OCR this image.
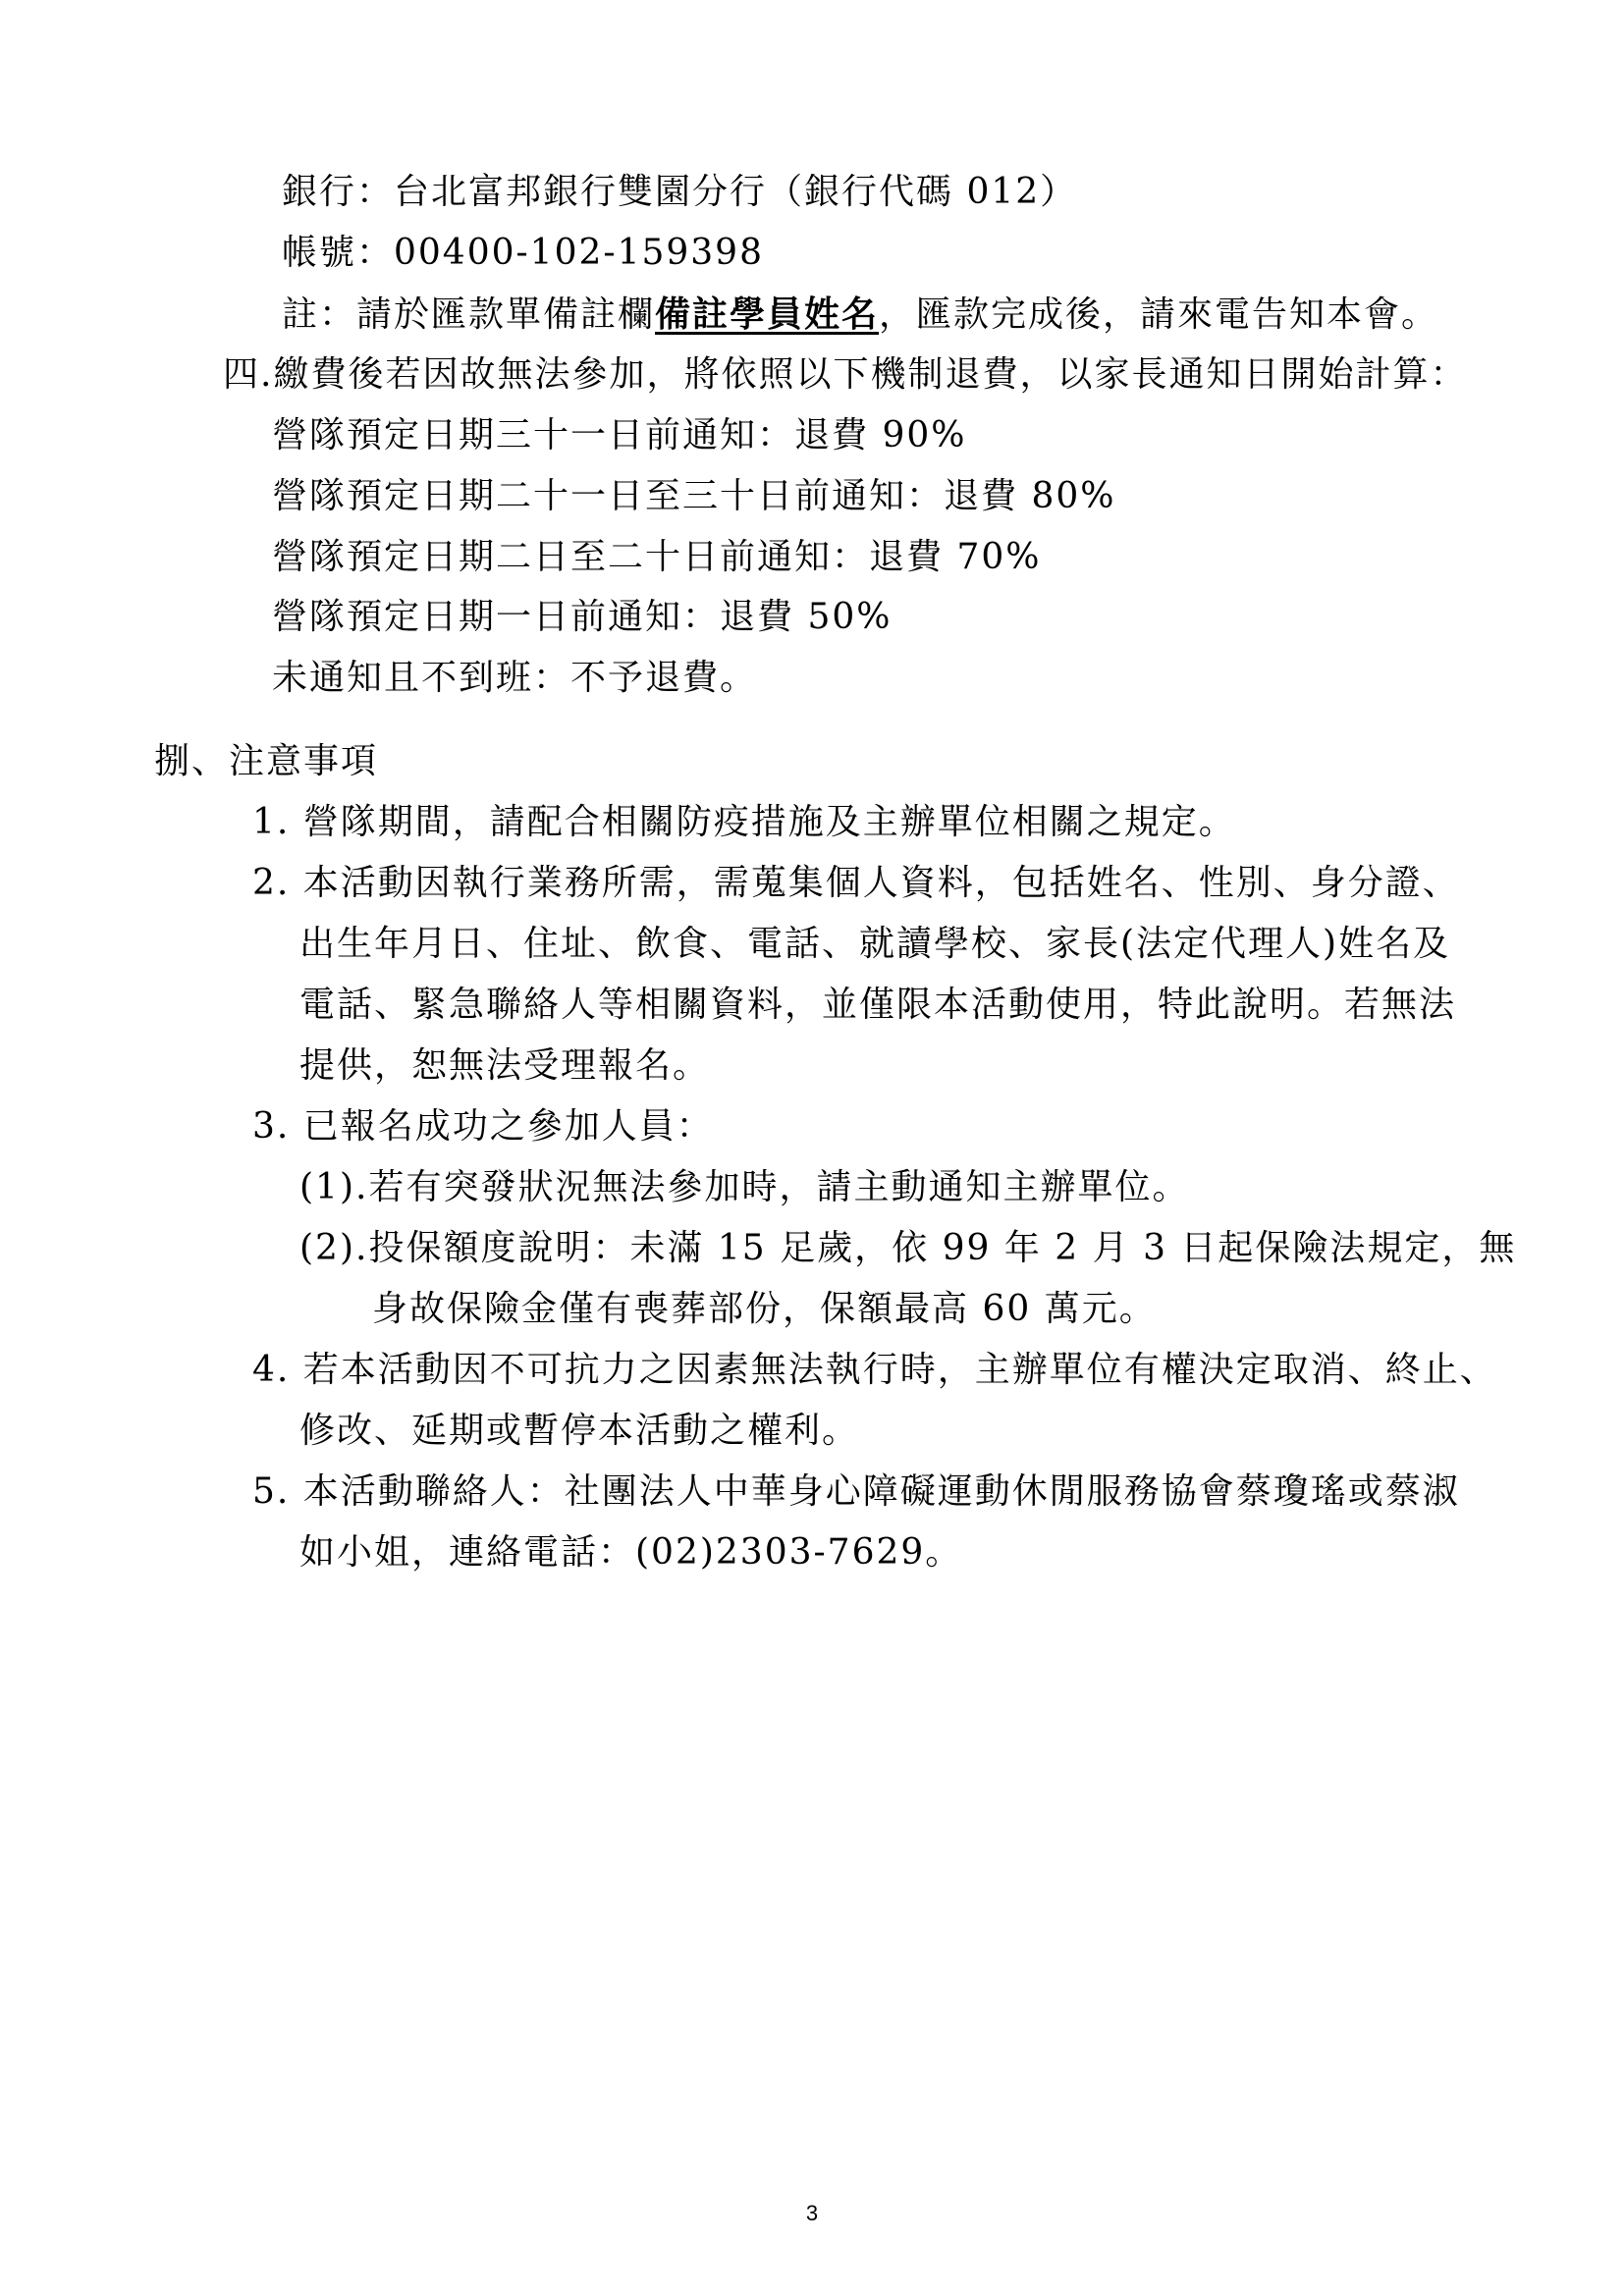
銀行：台北富邦銀行雙園分行（銀行代碼 012）
帳號：00400-102-159398
註：請於匯款單備註欄備註學員姓名，匯款完成後，請來電告知本會。
四.繳費後若因故無法參加，將依照以下機制退費，以家長通知日開始計算：
營隊預定日期三十一日前通知：退費 90%
營隊預定日期二十一日至三十日前通知：退費 80%
營隊預定日期二日至二十日前通知：退費 70%
營隊預定日期一日前通知：退費 50%
未通知且不到班：不予退費。
捌、注意事項
1. 營隊期間，請配合相關防疫措施及主辦單位相關之規定。
2. 本活動因執行業務所需，需蒐集個人資料，包括姓名、性別、身分證、
出生年月日、住址、飲食、電話、就讀學校、家長(法定代理人)姓名及
電話、緊急聯絡人等相關資料，並僅限本活動使用，特此說明。若無法
提供，恕無法受理報名。
3. 已報名成功之參加人員：
(1).若有突發狀況無法參加時，請主動通知主辦單位。
(2).投保額度說明：未滿 15 足歲，依 99 年 2 月 3 日起保險法規定，無
身故保險金僅有喪葬部份，保額最高 60 萬元。
4. 若本活動因不可抗力之因素無法執行時，主辦單位有權決定取消、終止、
修改、延期或暫停本活動之權利。
5. 本活動聯絡人：社團法人中華身心障礙運動休閒服務協會蔡瓊瑤或蔡淑
如小姐，連絡電話：(02)2303-7629。
3
